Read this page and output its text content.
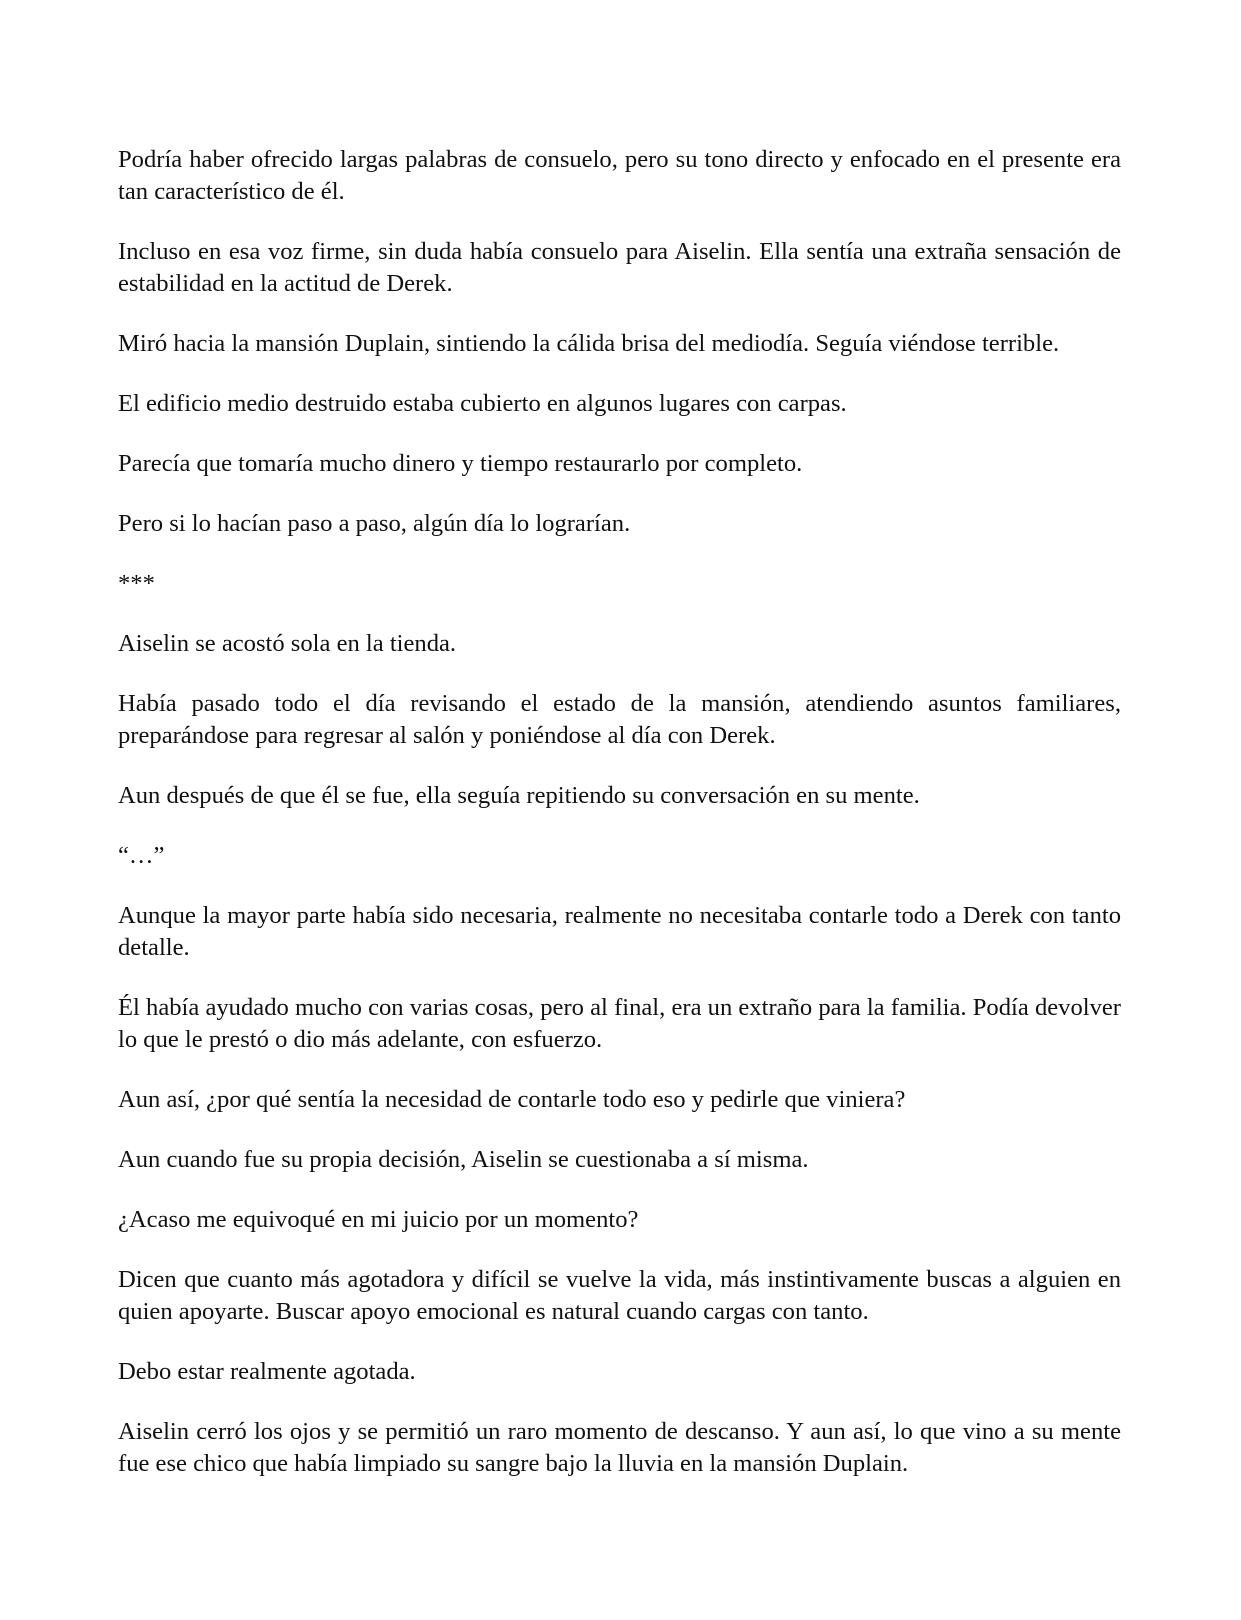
Podría haber ofrecido largas palabras de consuelo, pero su tono directo y enfocado en el presente era tan característico de él.

Incluso en esa voz firme, sin duda había consuelo para Aiselin. Ella sentía una extraña sensación de estabilidad en la actitud de Derek.

Miró hacia la mansión Duplain, sintiendo la cálida brisa del mediodía. Seguía viéndose terrible.

El edificio medio destruido estaba cubierto en algunos lugares con carpas.

Parecía que tomaría mucho dinero y tiempo restaurarlo por completo.

Pero si lo hacían paso a paso, algún día lo lograrían.

***

Aiselin se acostó sola en la tienda.

Había pasado todo el día revisando el estado de la mansión, atendiendo asuntos familiares, preparándose para regresar al salón y poniéndose al día con Derek.

Aun después de que él se fue, ella seguía repitiendo su conversación en su mente.

“…”

Aunque la mayor parte había sido necesaria, realmente no necesitaba contarle todo a Derek con tanto detalle.

Él había ayudado mucho con varias cosas, pero al final, era un extraño para la familia. Podía devolver lo que le prestó o dio más adelante, con esfuerzo.

Aun así, ¿por qué sentía la necesidad de contarle todo eso y pedirle que viniera?

Aun cuando fue su propia decisión, Aiselin se cuestionaba a sí misma.

¿Acaso me equivoqué en mi juicio por un momento?

Dicen que cuanto más agotadora y difícil se vuelve la vida, más instintivamente buscas a alguien en quien apoyarte. Buscar apoyo emocional es natural cuando cargas con tanto.

Debo estar realmente agotada.

Aiselin cerró los ojos y se permitió un raro momento de descanso. Y aun así, lo que vino a su mente fue ese chico que había limpiado su sangre bajo la lluvia en la mansión Duplain.
